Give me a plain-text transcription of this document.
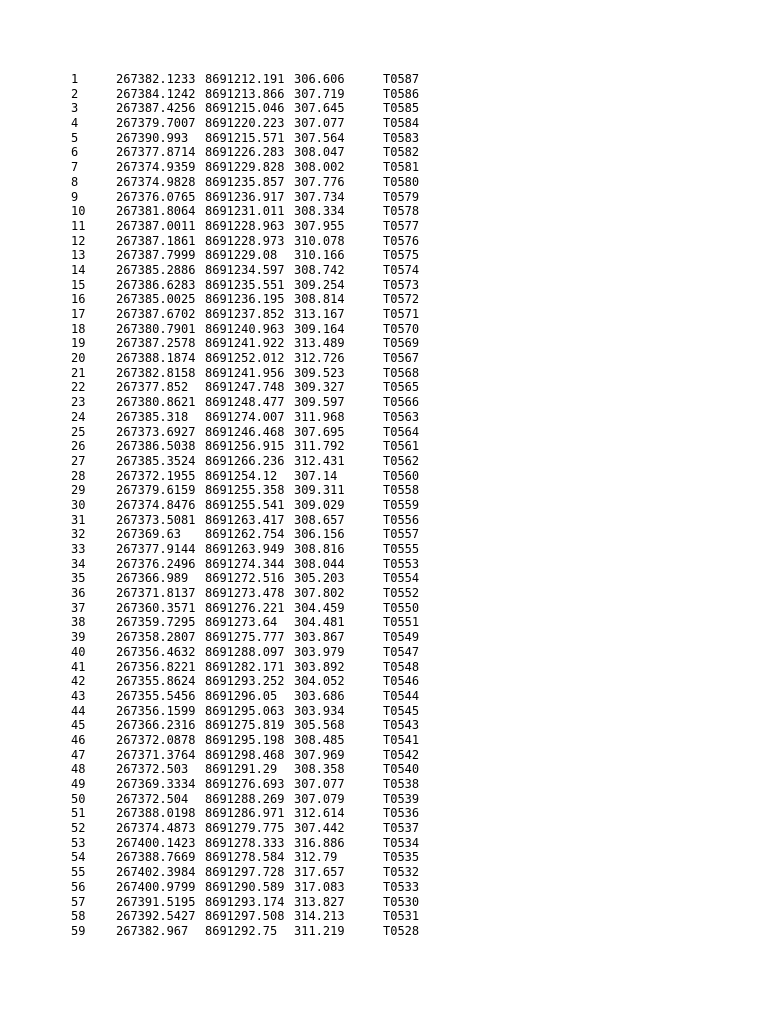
1	267382.1233 8691212.191 306.606	T0587
2	267384.1242 8691213.866 307.719	T0586
3	267387.4256 8691215.046 307.645	T0585
4	267379.7007 8691220.223 307.077	T0584
5	267390.993 8691215.571 307.564	T0583
6	267377.8714 8691226.283 308.047	T0582
7	267374.9359 8691229.828 308.002	T0581
8	267374.9828 8691235.857 307.776	T0580
9	267376.0765 8691236.917 307.734	T0579
10	267381.8064 8691231.011 308.334	T0578
11	267387.0011 8691228.963 307.955	T0577
12	267387.1861 8691228.973 310.078	T0576
13	267387.7999 8691229.08 310.166	T0575
14	267385.2886 8691234.597 308.742	T0574
15	267386.6283 8691235.551 309.254	T0573
16	267385.0025 8691236.195 308.814	T0572
17	267387.6702 8691237.852 313.167	T0571
18	267380.7901 8691240.963 309.164	T0570
19	267387.2578 8691241.922 313.489	T0569
20	267388.1874 8691252.012 312.726	T0567
21	267382.8158 8691241.956 309.523	T0568
22	267377.852 8691247.748 309.327	T0565
23	267380.8621 8691248.477 309.597	T0566
24	267385.318 8691274.007 311.968	T0563
25	267373.6927 8691246.468 307.695	T0564
26	267386.5038 8691256.915 311.792	T0561
27	267385.3524 8691266.236 312.431	T0562
28	267372.1955 8691254.12 307.14	T0560
29	267379.6159 8691255.358 309.311	T0558
30	267374.8476 8691255.541 309.029	T0559
31	267373.5081 8691263.417 308.657	T0556
32	267369.63 8691262.754 306.156	T0557
33	267377.9144 8691263.949 308.816	T0555
34	267376.2496 8691274.344 308.044	T0553
35	267366.989 8691272.516 305.203	T0554
36	267371.8137 8691273.478 307.802	T0552
37	267360.3571 8691276.221 304.459	T0550
38	267359.7295 8691273.64 304.481	T0551
39	267358.2807 8691275.777 303.867	T0549
40	267356.4632 8691288.097 303.979	T0547
41	267356.8221 8691282.171 303.892	T0548
42	267355.8624 8691293.252 304.052	T0546
43	267355.5456 8691296.05 303.686	T0544
44	267356.1599 8691295.063 303.934	T0545
45	267366.2316 8691275.819 305.568	T0543
46	267372.0878 8691295.198 308.485	T0541
47	267371.3764 8691298.468 307.969	T0542
48	267372.503 8691291.29 308.358	T0540
49	267369.3334 8691276.693 307.077	T0538
50	267372.504 8691288.269 307.079	T0539
51	267388.0198 8691286.971 312.614	T0536
52	267374.4873 8691279.775 307.442	T0537
53	267400.1423 8691278.333 316.886	T0534
54	267388.7669 8691278.584 312.79	T0535
55	267402.3984 8691297.728 317.657	T0532
56	267400.9799 8691290.589 317.083	T0533
57	267391.5195 8691293.174 313.827	T0530
58	267392.5427 8691297.508 314.213	T0531
59	267382.967 8691292.75 311.219	T0528
